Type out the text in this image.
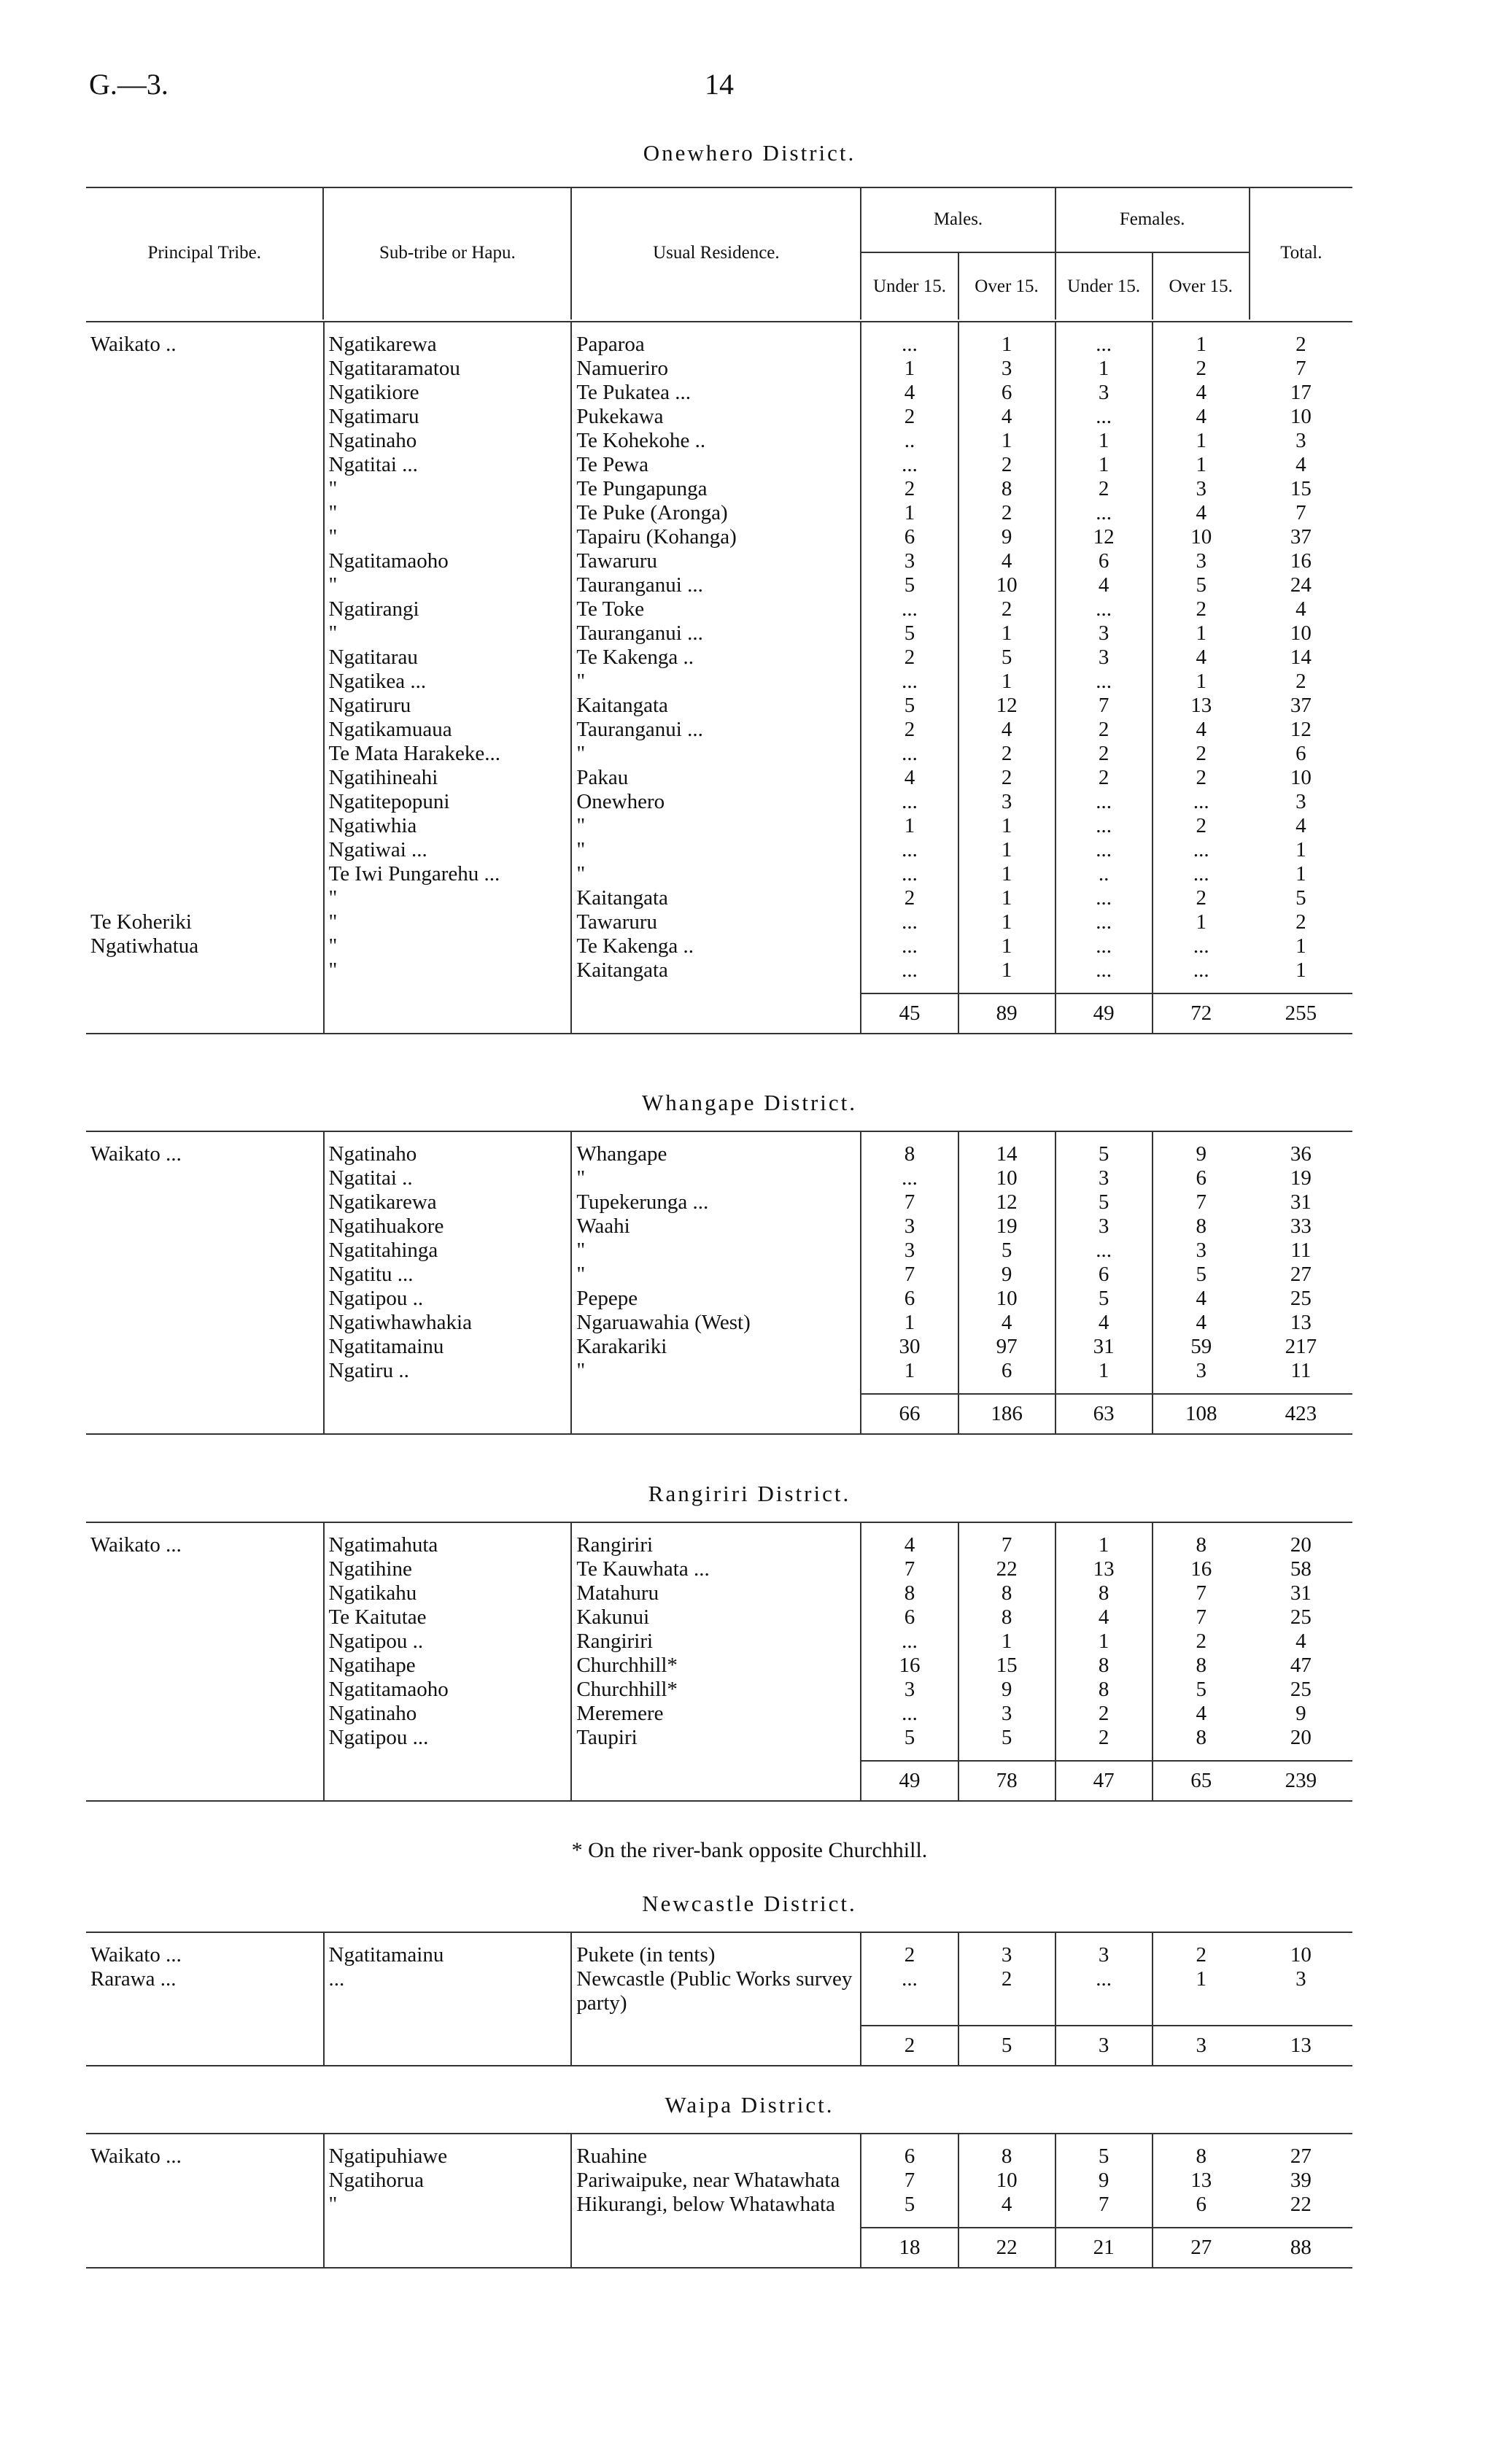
G.—3.	14
Onewhero District.
Principal Tribe.	Sub-tribe or Hapu.	Usual Residence.	Males.		Females.		Total.
			Under 15.	Over 15.	Under 15.	Over 15.	
Waikato ..	Ngatikarewa	Paparoa	...	1	...	1	2
	Ngatitaramatou	Namueriro	1	3	1	2	7
	Ngatikiore	Te Pukatea ...	4	6	3	4	17
	Ngatimaru	Pukekawa	2	4	...	4	10
	Ngatinaho	Te Kohekohe ..	..	1	1	1	3
	Ngatitai ...	Te Pewa	...	2	1	1	4
	"	Te Pungapunga	2	8	2	3	15
	"	Te Puke (Aronga)	1	2	...	4	7
	"	Tapairu (Kohanga)	6	9	12	10	37
	Ngatitamaoho	Tawaruru	3	4	6	3	16
	"	Tauranganui ...	5	10	4	5	24
	Ngatirangi	Te Toke	...	2	...	2	4
	"	Tauranganui ...	5	1	3	1	10
	Ngatitarau	Te Kakenga ..	2	5	3	4	14
	Ngatikea ...	"	...	1	...	1	2
	Ngatiruru	Kaitangata	5	12	7	13	37
	Ngatikamuaua	Tauranganui ...	2	4	2	4	12
	Te Mata Harakeke...	"	...	2	2	2	6
	Ngatihineahi	Pakau	4	2	2	2	10
	Ngatitepopuni	Onewhero	...	3	...	...	3
	Ngatiwhia	"	1	1	...	2	4
	Ngatiwai ...	"	...	1	...	...	1
	Te Iwi Pungarehu ...	"	...	1	..	...	1
	"	Kaitangata	2	1	...	2	5
Te Koheriki	"	Tawaruru	...	1	...	1	2
Ngatiwhatua	"	Te Kakenga ..	...	1	...	...	1
	"	Kaitangata	...	1	...	...	1
			45	89	49	72	255
Whangape District.
Waikato ...	Ngatinaho	Whangape	8	14	5	9	36
	Ngatitai ..	"	...	10	3	6	19
	Ngatikarewa	Tupekerunga ...	7	12	5	7	31
	Ngatihuakore	Waahi	3	19	3	8	33
	Ngatitahinga	"	3	5	...	3	11
	Ngatitu ...	"	7	9	6	5	27
	Ngatipou ..	Pepepe	6	10	5	4	25
	Ngatiwhawhakia	Ngaruawahia (West)	1	4	4	4	13
	Ngatitamainu	Karakariki	30	97	31	59	217
	Ngatiru ..	"	1	6	1	3	11
			66	186	63	108	423
Rangiriri District.
Waikato ...	Ngatimahuta	Rangiriri	4	7	1	8	20
	Ngatihine	Te Kauwhata ...	7	22	13	16	58
	Ngatikahu	Matahuru	8	8	8	7	31
	Te Kaitutae	Kakunui	6	8	4	7	25
	Ngatipou ..	Rangiriri	...	1	1	2	4
	Ngatihape	Churchhill*	16	15	8	8	47
	Ngatitamaoho	Churchhill*	3	9	8	5	25
	Ngatinaho	Meremere	...	3	2	4	9
	Ngatipou ...	Taupiri	5	5	2	8	20
			49	78	47	65	239
* On the river-bank opposite Churchhill.
Newcastle District.
Waikato ...	Ngatitamainu	Pukete (in tents)	2	3	3	2	10
Rarawa ...	...	Newcastle (Public Works survey party)	...	2	...	1	3
			2	5	3	3	13
Waipa District.
Waikato ...	Ngatipuhiawe	Ruahine	6	8	5	8	27
	Ngatihorua	Pariwaipuke, near Whatawhata	7	10	9	13	39
	"	Hikurangi, below Whatawhata	5	4	7	6	22
			18	22	21	27	88
